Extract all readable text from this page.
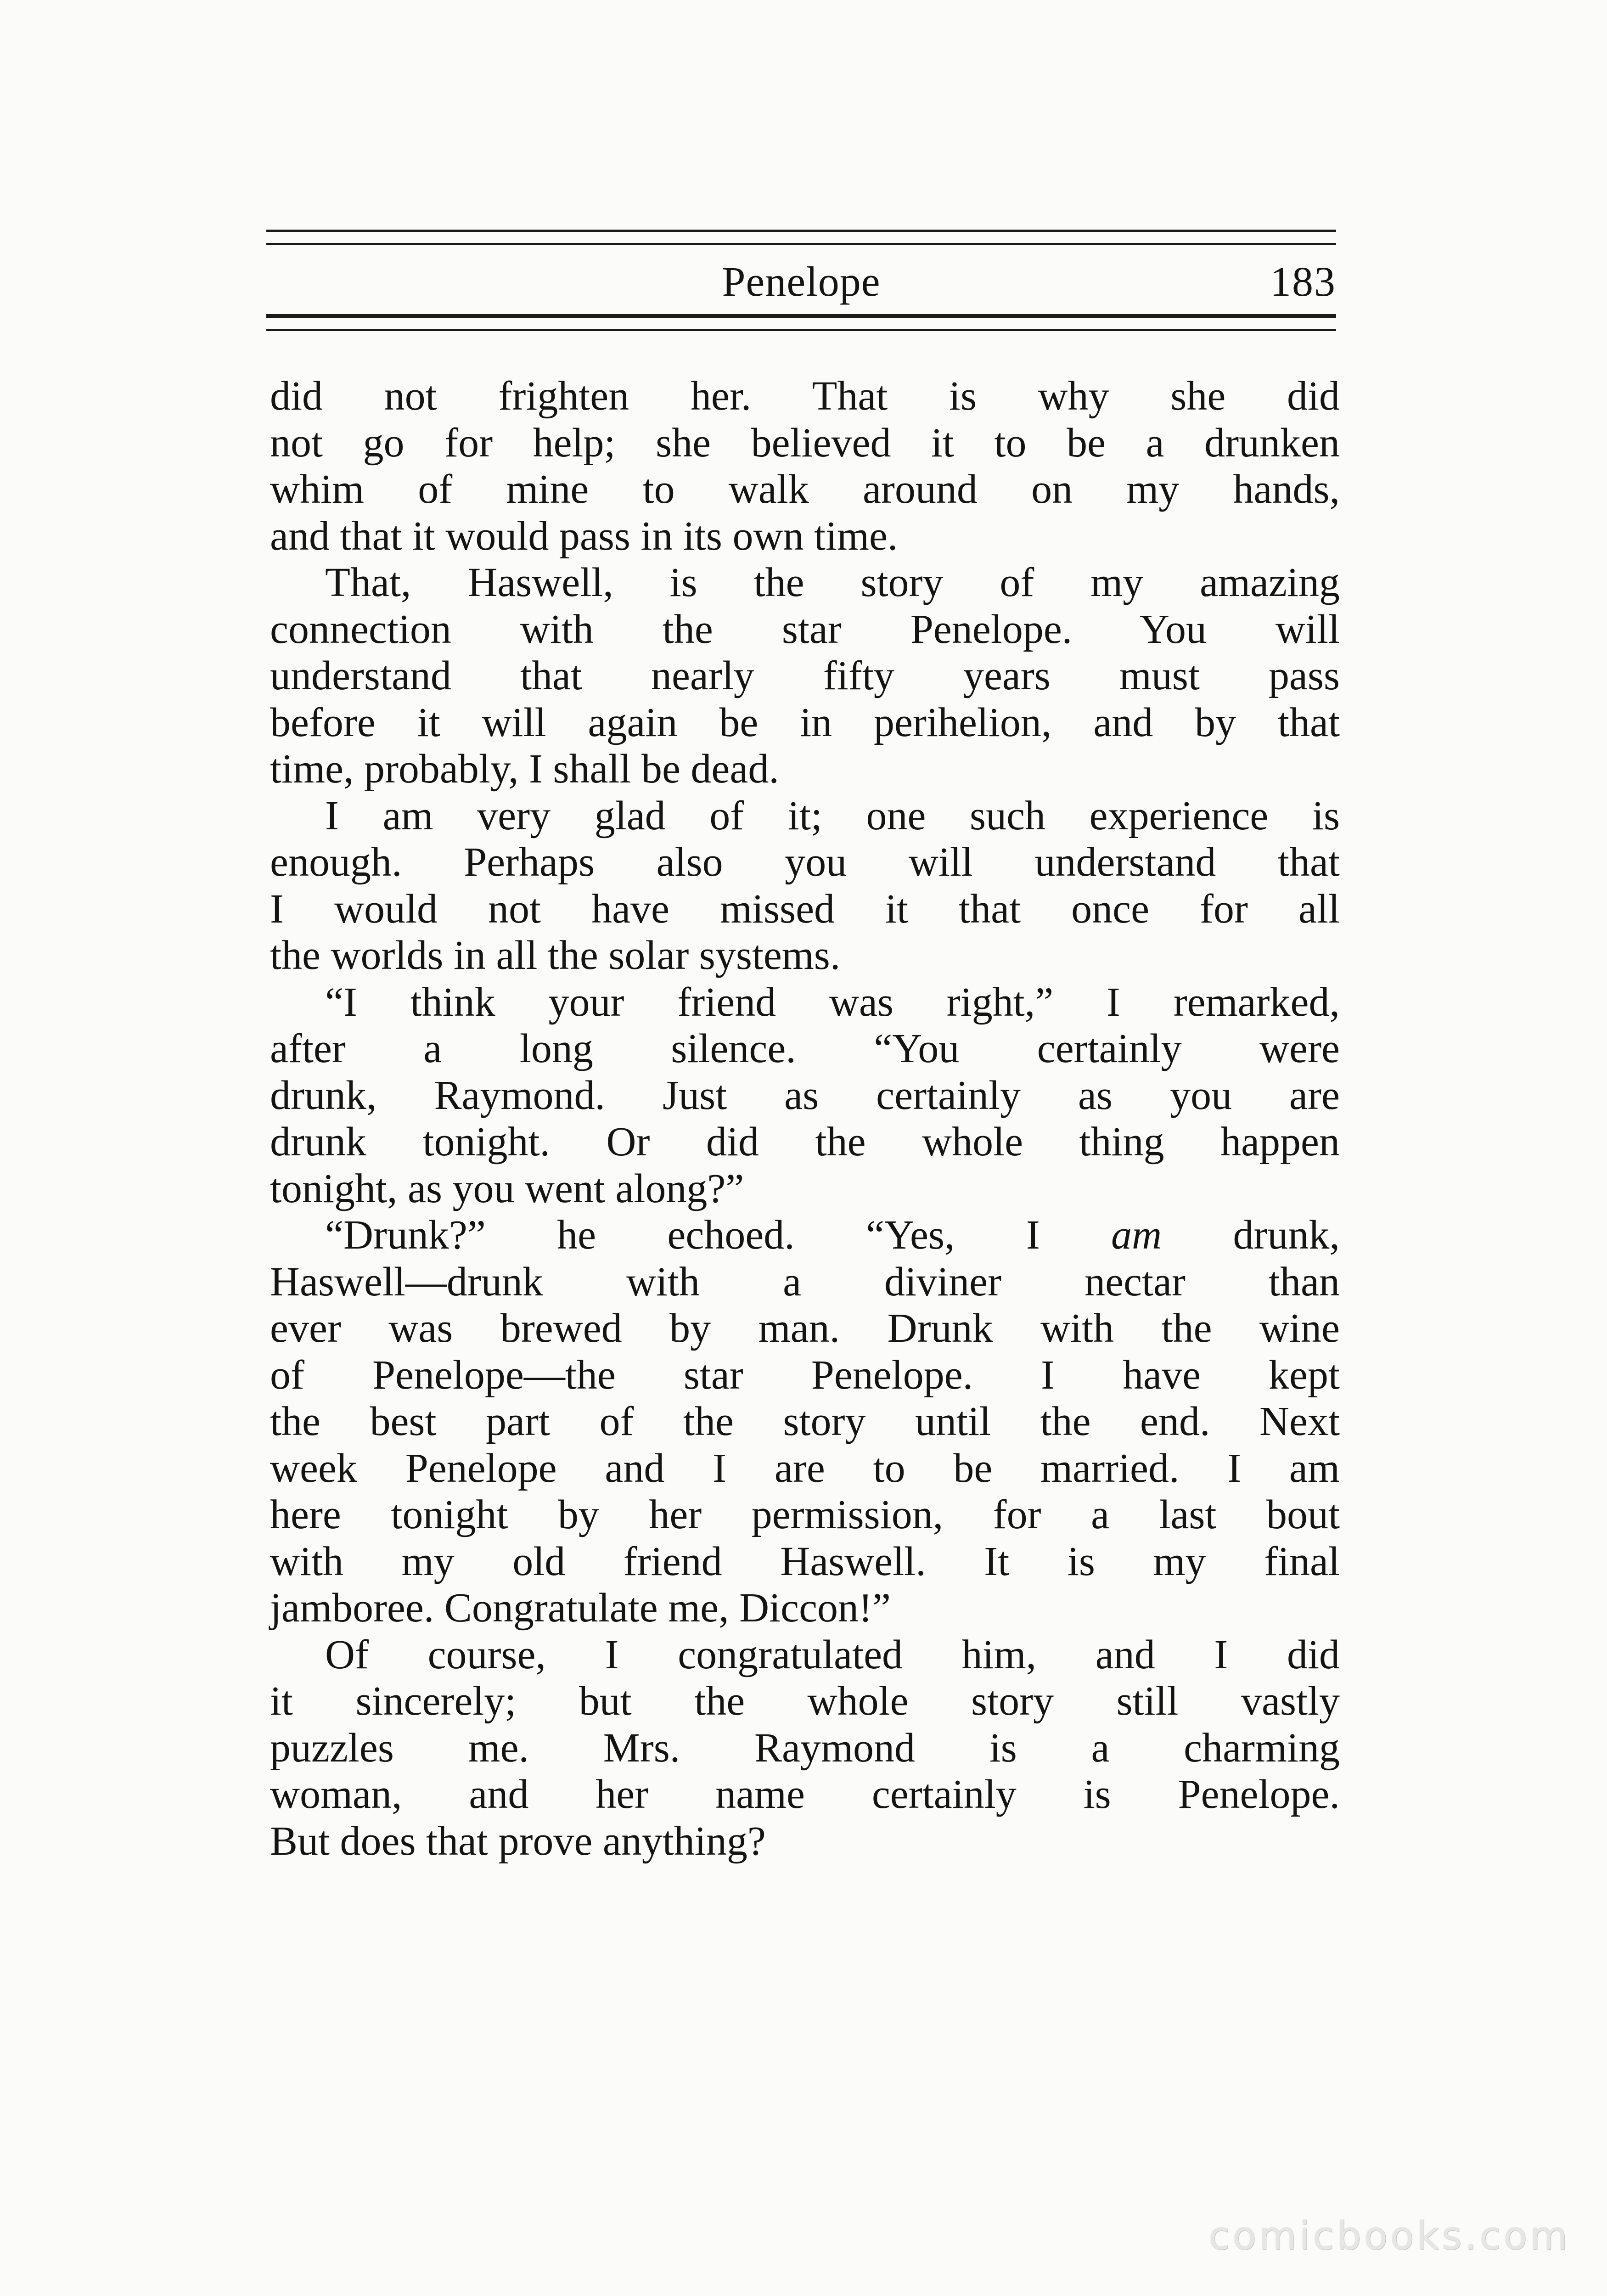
Penelope	183
did not frighten her. That is why she did
not go for help; she believed it to be a drunken
whim of mine to walk around on my hands,
and that it would pass in its own time.
That, Haswell, is the story of my amazing
connection with the star Penelope. You will
understand that nearly fifty years must pass
before it will again be in perihelion, and by that
time, probably, I shall be dead.
I am very glad of it; one such experience is
enough. Perhaps also you will understand that
I would not have missed it that once for all
the worlds in all the solar systems.
“I think your friend was right,” I remarked,
after a long silence. “You certainly were
drunk, Raymond. Just as certainly as you are
drunk tonight. Or did the whole thing happen
tonight, as you went along?”
“Drunk?” he echoed. “Yes, I am drunk,
Haswell—drunk with a diviner nectar than
ever was brewed by man. Drunk with the wine
of Penelope—the star Penelope. I have kept
the best part of the story until the end. Next
week Penelope and I are to be married. I am
here tonight by her permission, for a last bout
with my old friend Haswell. It is my final
jamboree. Congratulate me, Diccon!”
Of course, I congratulated him, and I did
it sincerely; but the whole story still vastly
puzzles me. Mrs. Raymond is a charming
woman, and her name certainly is Penelope.
But does that prove anything?
comicbooks.com
